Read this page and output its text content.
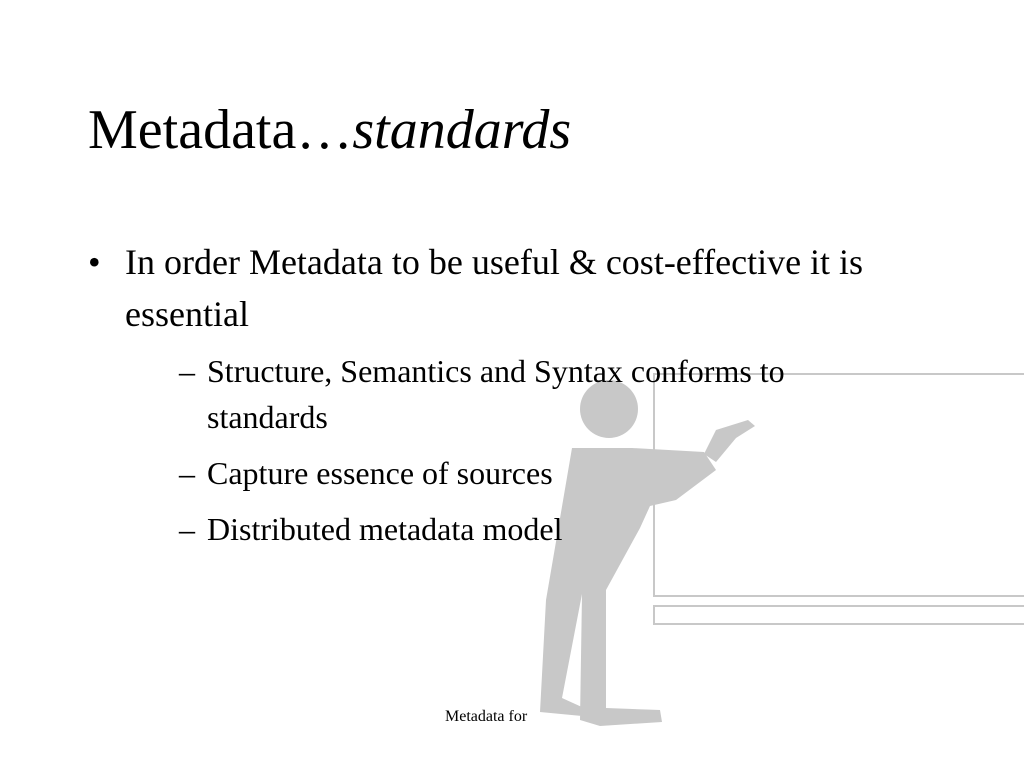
Metadata…standards
• In order Metadata to be useful & cost-effective it is essential
– Structure, Semantics and Syntax conforms to standards
– Capture essence of sources
– Distributed metadata model
Metadata for
